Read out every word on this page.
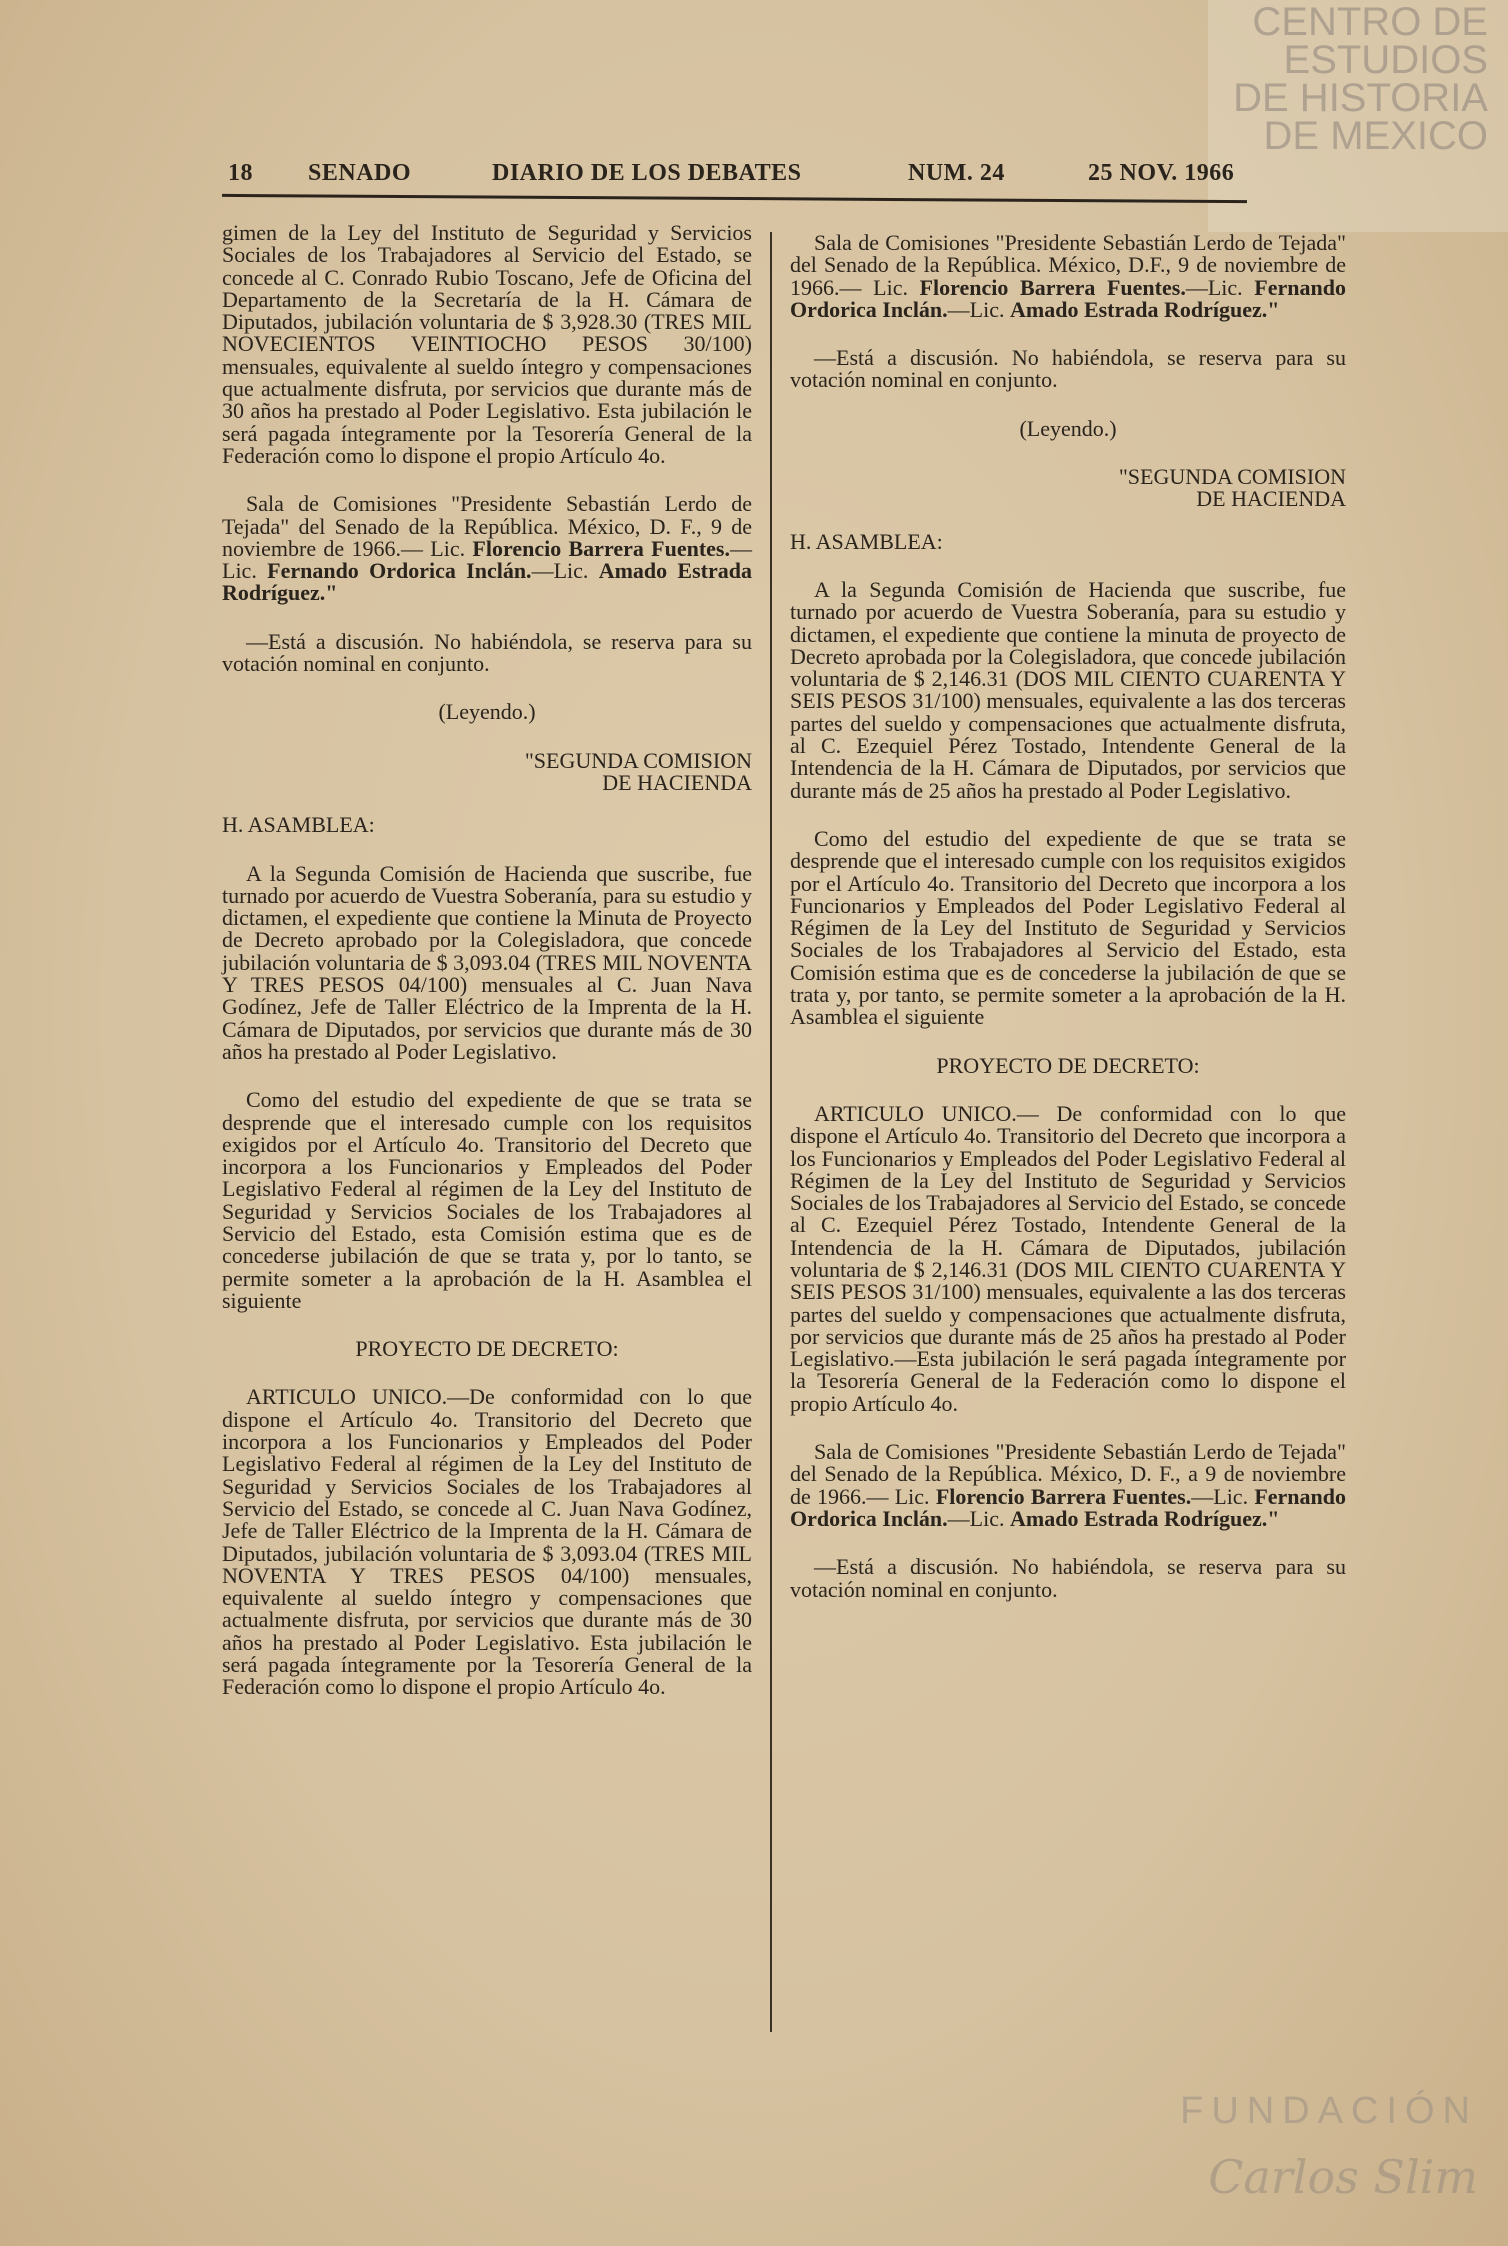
CENTRO DE
ESTUDIOS
DE HISTORIA
DE MEXICO
FUNDACIÓN
Carlos Slim
18 SENADO	DIARIO DE LOS DEBATES	NUM. 24	25 NOV. 1966
gimen de la Ley del Instituto de Seguridad y Servicios Sociales de los Trabajadores al Servicio del Estado, se concede al C. Conrado Rubio Toscano, Jefe de Oficina del Departamento de la Secretaría de la H. Cámara de Diputados, jubilación voluntaria de $ 3,928.30 (TRES MIL NOVECIENTOS VEINTIOCHO PESOS 30/100) mensuales, equivalente al sueldo íntegro y compensaciones que actualmente disfruta, por servicios que durante más de 30 años ha prestado al Poder Legislativo. Esta jubilación le será pagada íntegramente por la Tesorería General de la Federación como lo dispone el propio Artículo 4o.
Sala de Comisiones "Presidente Sebastián Lerdo de Tejada" del Senado de la República. México, D. F., 9 de noviembre de 1966.— Lic. Florencio Barrera Fuentes.—Lic. Fernando Ordorica Inclán.—Lic. Amado Estrada Rodríguez."
—Está a discusión. No habiéndola, se reserva para su votación nominal en conjunto.
(Leyendo.)
"SEGUNDA COMISION
DE HACIENDA
H. ASAMBLEA:
A la Segunda Comisión de Hacienda que suscribe, fue turnado por acuerdo de Vuestra Soberanía, para su estudio y dictamen, el expediente que contiene la Minuta de Proyecto de Decreto aprobado por la Colegisladora, que concede jubilación voluntaria de $ 3,093.04 (TRES MIL NOVENTA Y TRES PESOS 04/100) mensuales al C. Juan Nava Godínez, Jefe de Taller Eléctrico de la Imprenta de la H. Cámara de Diputados, por servicios que durante más de 30 años ha prestado al Poder Legislativo.
Como del estudio del expediente de que se trata se desprende que el interesado cumple con los requisitos exigidos por el Artículo 4o. Transitorio del Decreto que incorpora a los Funcionarios y Empleados del Poder Legislativo Federal al régimen de la Ley del Instituto de Seguridad y Servicios Sociales de los Trabajadores al Servicio del Estado, esta Comisión estima que es de concederse jubilación de que se trata y, por lo tanto, se permite someter a la aprobación de la H. Asamblea el siguiente
PROYECTO DE DECRETO:
ARTICULO UNICO.—De conformidad con lo que dispone el Artículo 4o. Transitorio del Decreto que incorpora a los Funcionarios y Empleados del Poder Legislativo Federal al régimen de la Ley del Instituto de Seguridad y Servicios Sociales de los Trabajadores al Servicio del Estado, se concede al C. Juan Nava Godínez, Jefe de Taller Eléctrico de la Imprenta de la H. Cámara de Diputados, jubilación voluntaria de $ 3,093.04 (TRES MIL NOVENTA Y TRES PESOS 04/100) mensuales, equivalente al sueldo íntegro y compensaciones que actualmente disfruta, por servicios que durante más de 30 años ha prestado al Poder Legislativo. Esta jubilación le será pagada íntegramente por la Tesorería General de la Federación como lo dispone el propio Artículo 4o.
Sala de Comisiones "Presidente Sebastián Lerdo de Tejada" del Senado de la República. México, D.F., 9 de noviembre de 1966.— Lic. Florencio Barrera Fuentes.—Lic. Fernando Ordorica Inclán.—Lic. Amado Estrada Rodríguez."
—Está a discusión. No habiéndola, se reserva para su votación nominal en conjunto.
(Leyendo.)
"SEGUNDA COMISION
DE HACIENDA
H. ASAMBLEA:
A la Segunda Comisión de Hacienda que suscribe, fue turnado por acuerdo de Vuestra Soberanía, para su estudio y dictamen, el expediente que contiene la minuta de proyecto de Decreto aprobada por la Colegisladora, que concede jubilación voluntaria de $ 2,146.31 (DOS MIL CIENTO CUARENTA Y SEIS PESOS 31/100) mensuales, equivalente a las dos terceras partes del sueldo y compensaciones que actualmente disfruta, al C. Ezequiel Pérez Tostado, Intendente General de la Intendencia de la H. Cámara de Diputados, por servicios que durante más de 25 años ha prestado al Poder Legislativo.
Como del estudio del expediente de que se trata se desprende que el interesado cumple con los requisitos exigidos por el Artículo 4o. Transitorio del Decreto que incorpora a los Funcionarios y Empleados del Poder Legislativo Federal al Régimen de la Ley del Instituto de Seguridad y Servicios Sociales de los Trabajadores al Servicio del Estado, esta Comisión estima que es de concederse la jubilación de que se trata y, por tanto, se permite someter a la aprobación de la H. Asamblea el siguiente
PROYECTO DE DECRETO:
ARTICULO UNICO.— De conformidad con lo que dispone el Artículo 4o. Transitorio del Decreto que incorpora a los Funcionarios y Empleados del Poder Legislativo Federal al Régimen de la Ley del Instituto de Seguridad y Servicios Sociales de los Trabajadores al Servicio del Estado, se concede al C. Ezequiel Pérez Tostado, Intendente General de la Intendencia de la H. Cámara de Diputados, jubilación voluntaria de $ 2,146.31 (DOS MIL CIENTO CUARENTA Y SEIS PESOS 31/100) mensuales, equivalente a las dos terceras partes del sueldo y compensaciones que actualmente disfruta, por servicios que durante más de 25 años ha prestado al Poder Legislativo.—Esta jubilación le será pagada íntegramente por la Tesorería General de la Federación como lo dispone el propio Artículo 4o.
Sala de Comisiones "Presidente Sebastián Lerdo de Tejada" del Senado de la República. México, D. F., a 9 de noviembre de 1966.— Lic. Florencio Barrera Fuentes.—Lic. Fernando Ordorica Inclán.—Lic. Amado Estrada Rodríguez."
—Está a discusión. No habiéndola, se reserva para su votación nominal en conjunto.
